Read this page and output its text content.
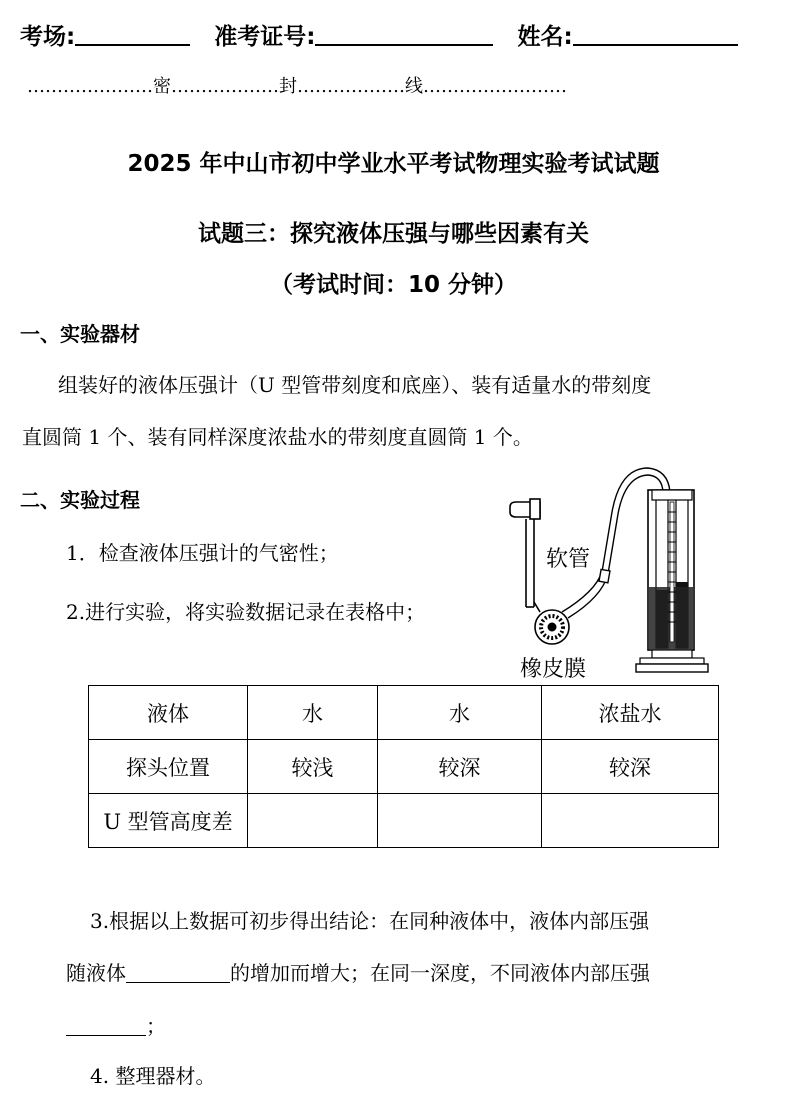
考场:	准考证号:	姓名:
…………………密………………封………………线……………………
2025 年中山市初中学业水平考试物理实验考试试题
试题三：探究液体压强与哪些因素有关
（考试时间：10 分钟）
一、实验器材
组装好的液体压强计（U 型管带刻度和底座）、装有适量水的带刻度
直圆筒 1 个、装有同样深度浓盐水的带刻度直圆筒 1 个。
二、实验过程
1．检查液体压强计的气密性；
2.进行实验，将实验数据记录在表格中；
软管
橡皮膜
液体	水	水	浓盐水
探头位置	较浅	较深	较深
U 型管高度差			
3.根据以上数据可初步得出结论：在同种液体中，液体内部压强
随液体	的增加而增大；在同一深度，不同液体内部压强
；
4. 整理器材。
